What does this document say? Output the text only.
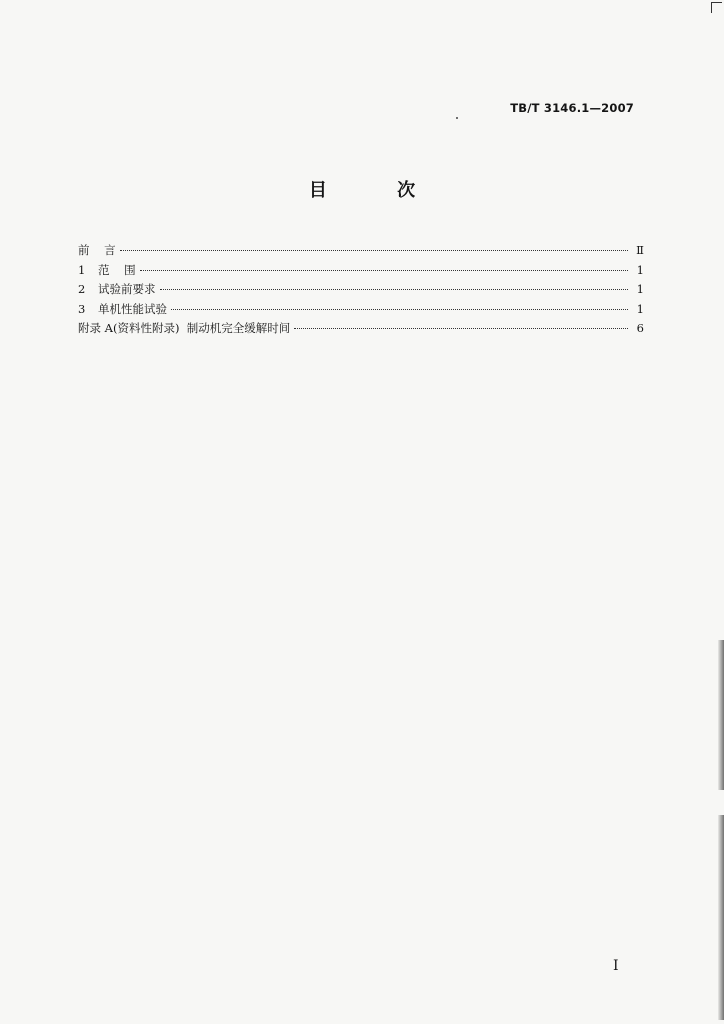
TB/T 3146.1—2007
目 次
前    言	Ⅱ
1 范    围	1
2 试验前要求	1
3 单机性能试验	1
附录 A(资料性附录)  制动机完全缓解时间	6
I
